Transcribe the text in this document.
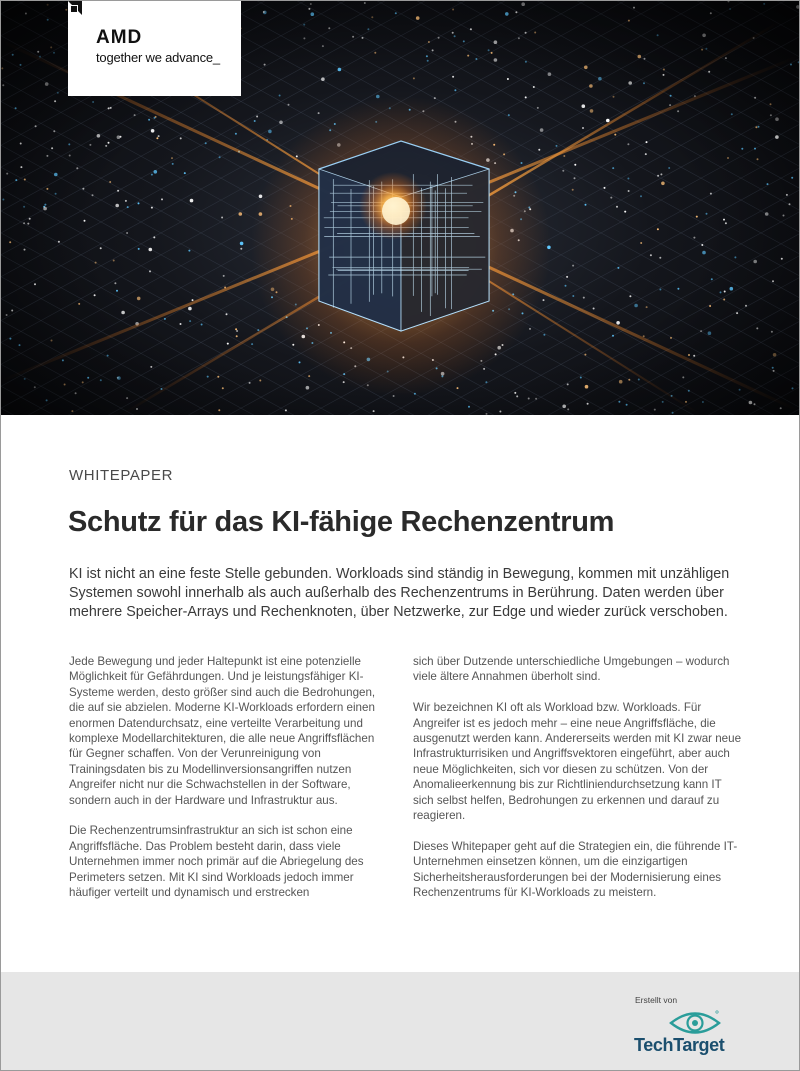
AMD
together we advance_
WHITEPAPER
Schutz für das KI-fähige Rechenzentrum

KI ist nicht an eine feste Stelle gebunden. Workloads sind ständig in Bewegung, kommen mit unzähligen Systemen sowohl innerhalb als auch außerhalb des Rechenzentrums in Berührung. Daten werden über mehrere Speicher-Arrays und Rechenknoten, über Netzwerke, zur Edge und wieder zurück verschoben.

Jede Bewegung und jeder Haltepunkt ist eine potenzielle Möglichkeit für Gefährdungen. Und je leistungsfähiger KI-Systeme werden, desto größer sind auch die Bedrohungen, die auf sie abzielen. Moderne KI-Workloads erfordern einen enormen Datendurchsatz, eine verteilte Verarbeitung und komplexe Modellarchitekturen, die alle neue Angriffsflächen für Gegner schaffen. Von der Verunreinigung von Trainingsdaten bis zu Modellinversionsangriffen nutzen Angreifer nicht nur die Schwachstellen in der Software, sondern auch in der Hardware und Infrastruktur aus.

Die Rechenzentrumsinfrastruktur an sich ist schon eine Angriffsfläche. Das Problem besteht darin, dass viele Unternehmen immer noch primär auf die Abriegelung des Perimeters setzen. Mit KI sind Workloads jedoch immer häufiger verteilt und dynamisch und erstrecken

sich über Dutzende unterschiedliche Umgebungen – wodurch viele ältere Annahmen überholt sind.

Wir bezeichnen KI oft als Workload bzw. Workloads. Für Angreifer ist es jedoch mehr – eine neue Angriffsfläche, die ausgenutzt werden kann. Andererseits werden mit KI zwar neue Infrastrukturrisiken und Angriffsvektoren eingeführt, aber auch neue Möglichkeiten, sich vor diesen zu schützen. Von der Anomalieerkennung bis zur Richtliniendurchsetzung kann IT sich selbst helfen, Bedrohungen zu erkennen und darauf zu reagieren.

Dieses Whitepaper geht auf die Strategien ein, die führende IT-Unternehmen einsetzen können, um die einzigartigen Sicherheitsherausforderungen bei der Modernisierung eines Rechenzentrums für KI-Workloads zu meistern.

Erstellt von
TechTarget
